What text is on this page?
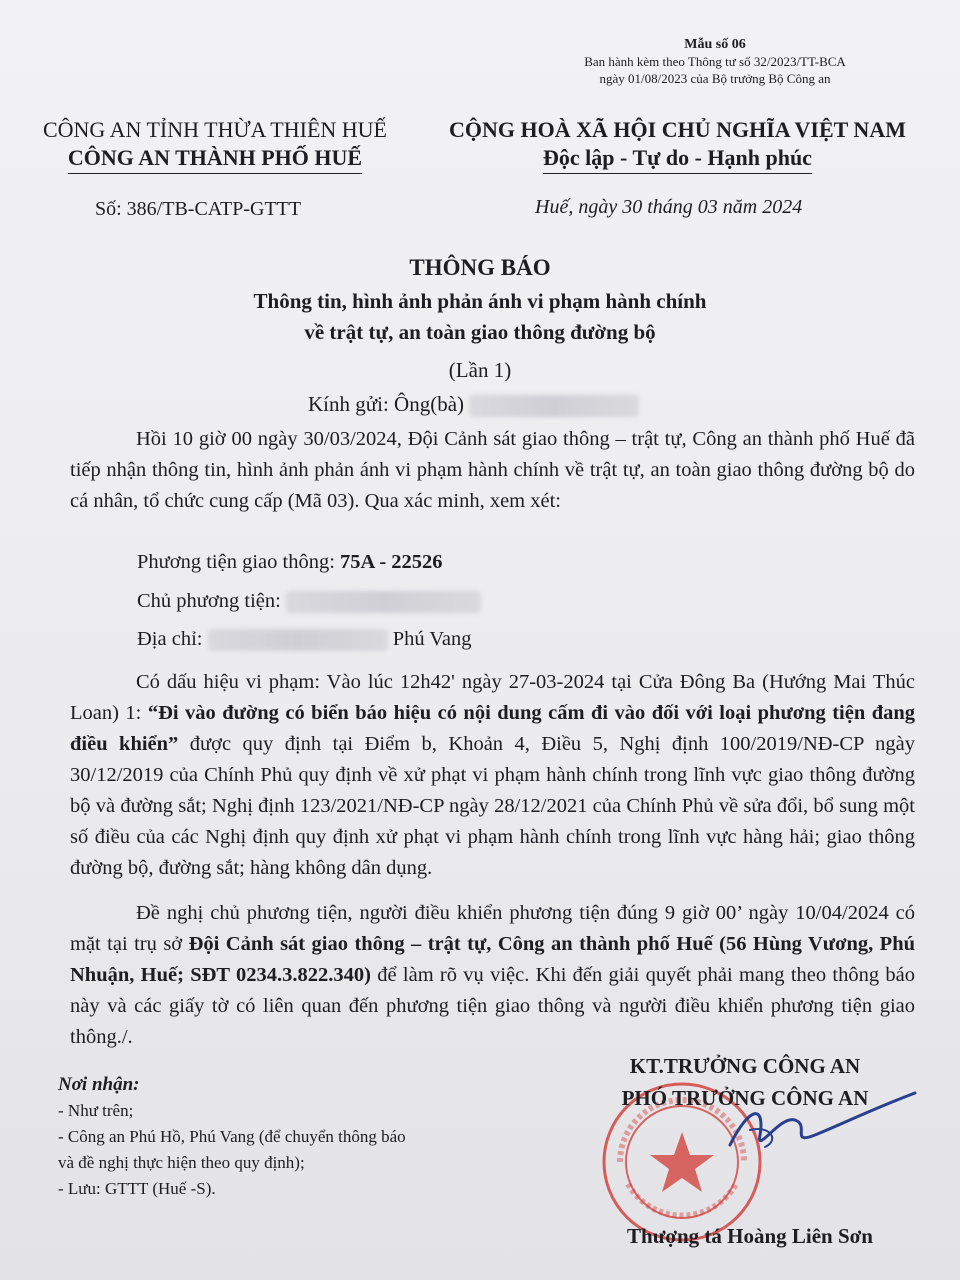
Mẫu số 06
Ban hành kèm theo Thông tư số 32/2023/TT-BCA
ngày 01/08/2023 của Bộ trưởng Bộ Công an
CÔNG AN TỈNH THỪA THIÊN HUẾ
CÔNG AN THÀNH PHỐ HUẾ
CỘNG HOÀ XÃ HỘI CHỦ NGHĨA VIỆT NAM
Độc lập - Tự do - Hạnh phúc
Số: 386/TB-CATP-GTTT	Huế, ngày 30 tháng 03 năm 2024
THÔNG BÁO
Thông tin, hình ảnh phản ánh vi phạm hành chính
về trật tự, an toàn giao thông đường bộ
(Lần 1)
Kính gửi: Ông(bà)
Hồi 10 giờ 00 ngày 30/03/2024, Đội Cảnh sát giao thông – trật tự, Công an thành phố Huế đã tiếp nhận thông tin, hình ảnh phản ánh vi phạm hành chính về trật tự, an toàn giao thông đường bộ do cá nhân, tổ chức cung cấp (Mã 03). Qua xác minh, xem xét:
Phương tiện giao thông: 75A - 22526
Chủ phương tiện:
Địa chỉ:	Phú Vang
Có dấu hiệu vi phạm: Vào lúc 12h42' ngày 27-03-2024 tại Cửa Đông Ba (Hướng Mai Thúc Loan) 1: “Đi vào đường có biển báo hiệu có nội dung cấm đi vào đối với loại phương tiện đang điều khiển” được quy định tại Điểm b, Khoản 4, Điều 5, Nghị định 100/2019/NĐ-CP ngày 30/12/2019 của Chính Phủ quy định về xử phạt vi phạm hành chính trong lĩnh vực giao thông đường bộ và đường sắt; Nghị định 123/2021/NĐ-CP ngày 28/12/2021 của Chính Phủ về sửa đổi, bổ sung một số điều của các Nghị định quy định xử phạt vi phạm hành chính trong lĩnh vực hàng hải; giao thông đường bộ, đường sắt; hàng không dân dụng.
Đề nghị chủ phương tiện, người điều khiển phương tiện đúng 9 giờ 00’ ngày 10/04/2024 có mặt tại trụ sở Đội Cảnh sát giao thông – trật tự, Công an thành phố Huế (56 Hùng Vương, Phú Nhuận, Huế; SĐT 0234.3.822.340) để làm rõ vụ việc. Khi đến giải quyết phải mang theo thông báo này và các giấy tờ có liên quan đến phương tiện giao thông và người điều khiển phương tiện giao thông./.
Nơi nhận:
- Như trên;
- Công an Phú Hồ, Phú Vang (để chuyển thông báo
và đề nghị thực hiện theo quy định);
- Lưu: GTTT (Huế -S).
KT.TRƯỞNG CÔNG AN
PHÓ TRƯỞNG CÔNG AN
Thượng tá Hoàng Liên Sơn
